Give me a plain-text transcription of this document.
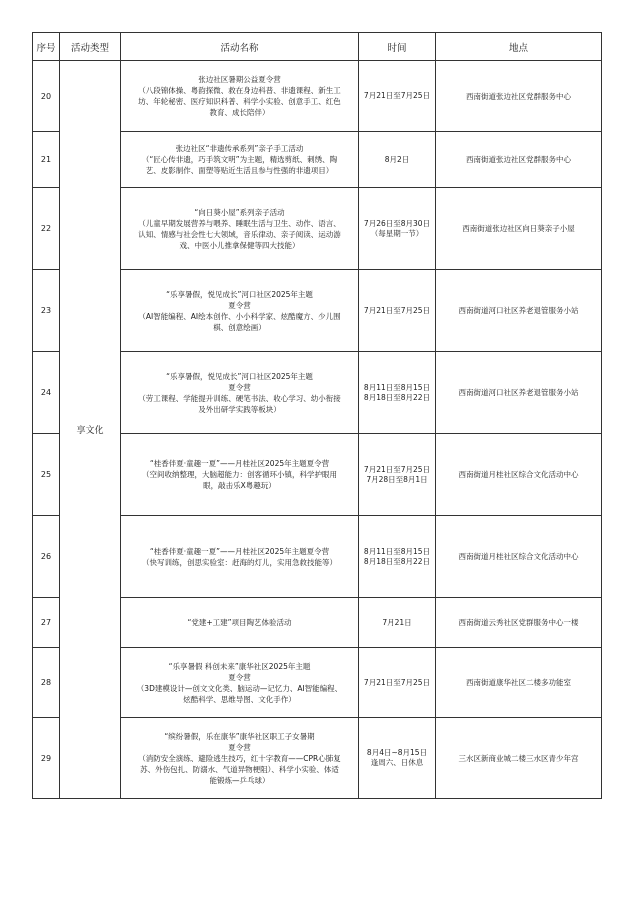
序号	活动类型	活动名称	时间	地点
20	享文化	张边社区暑期公益夏令营
（八段锦体操、粤韵探微、救在身边科普、非遗课程、新生工
坊、年轮秘密、医疗知识科普、科学小实验、创意手工、红色
教育、成长陪伴）	7月21日至7月25日	西南街道张边社区党群服务中心
21		张边社区“非遗传承系列”亲子手工活动
（“匠心传非遗，巧手筑文明”为主题，精选剪纸、刺绣、陶
艺、皮影制作、面塑等贴近生活且参与性强的非遗项目）	8月2日	西南街道张边社区党群服务中心
22		“向日葵小屋”系列亲子活动
（儿童早期发展营养与喂养、睡眠生活与卫生、动作、语言、
认知、情感与社会性七大领域，音乐律动、亲子阅读、运动游
戏、中医小儿推拿保健等四大技能）	7月26日至8月30日
（每星期一节）	西南街道张边社区向日葵亲子小屋
23		“乐享暑假，悦见成长”河口社区2025年主题
夏令营
（AI智能编程、AI绘本创作、小小科学家、炫酷魔方、少儿围
棋、创意绘画）	7月21日至7月25日	西南街道河口社区养老退管服务小站
24		“乐享暑假，悦见成长”河口社区2025年主题
夏令营
（劳工课程、学能提升训练、硬笔书法、收心学习、幼小衔接
及外出研学实践等板块）	8月11日至8月15日
8月18日至8月22日	西南街道河口社区养老退管服务小站
25		“桂香伴夏·童趣一夏”——月桂社区2025年主题夏令营
（空间收纳整理，大脑超能力：创客循环小镇，科学护眼用
眼，敲击乐X粤趣玩）	7月21日至7月25日
7月28日至8月1日	西南街道月桂社区综合文化活动中心
26		“桂香伴夏·童趣一夏”——月桂社区2025年主题夏令营
（快写训练，创思实验室：赶海的灯儿，实用急救技能等）	8月11日至8月15日
8月18日至8月22日	西南街道月桂社区综合文化活动中心
27		“党建+工建”项目陶艺体验活动	7月21日	西南街道云秀社区党群服务中心一楼
28		“乐享暑假 科创未来”康华社区2025年主题
夏令营
（3D建模设计—创文文化类、脑运动—记忆力、AI智能编程、
炫酷科学、思维导图、文化手作）	7月21日至7月25日	西南街道康华社区二楼多功能室
29		“缤纷暑假，乐在康华”康华社区职工子女暑期
夏令营
（消防安全演练、避险逃生技巧，红十字教育——CPR心肺复
苏、外伤包扎、防溺水、气道异物梗阻）、科学小实验、体适
能锻炼—乒乓球）	8月4日~8月15日
逢周六、日休息	三水区新商业城二楼三水区青少年宫
